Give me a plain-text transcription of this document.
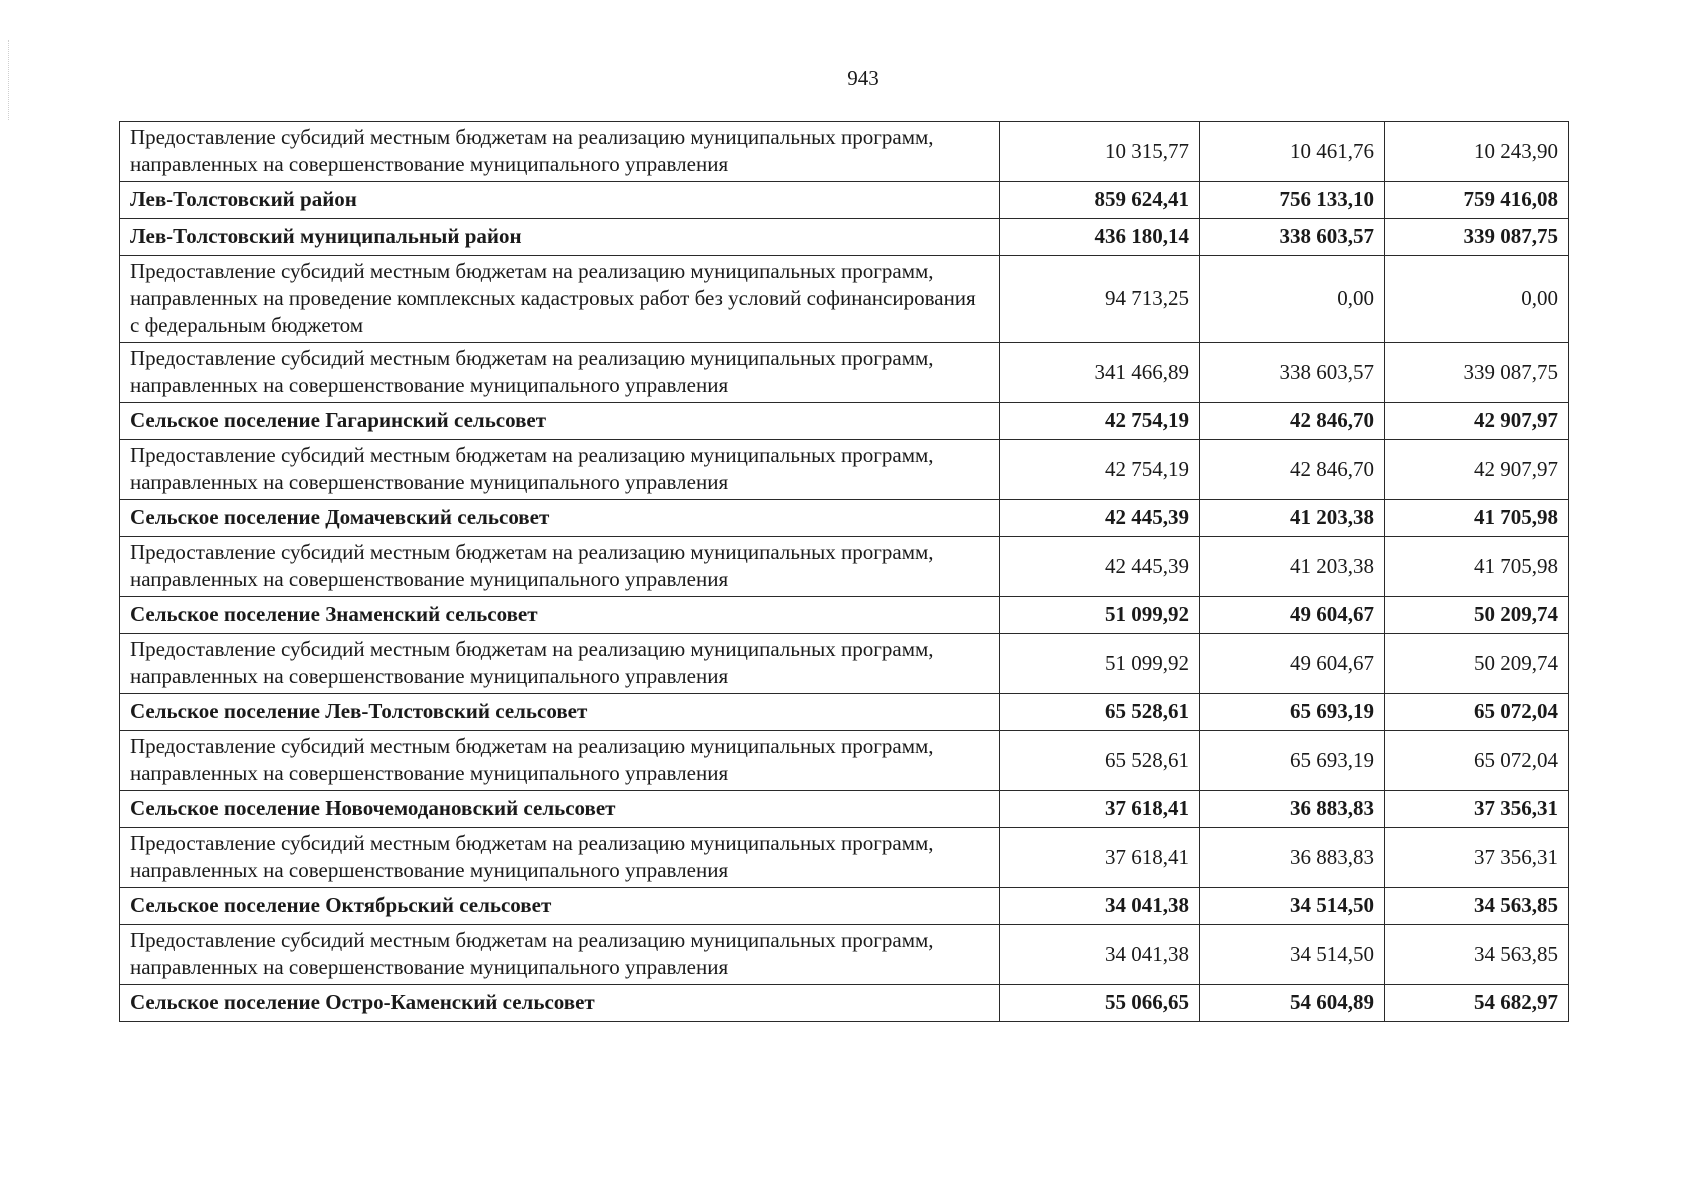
943
Предоставление субсидий местным бюджетам на реализацию муниципальных программ, направленных на совершенствование муниципального управления	10 315,77	10 461,76	10 243,90
Лев-Толстовский район	859 624,41	756 133,10	759 416,08
Лев-Толстовский муниципальный район	436 180,14	338 603,57	339 087,75
Предоставление субсидий местным бюджетам на реализацию муниципальных программ, направленных на проведение комплексных кадастровых работ без условий софинансирования с федеральным бюджетом	94 713,25	0,00	0,00
Предоставление субсидий местным бюджетам на реализацию муниципальных программ, направленных на совершенствование муниципального управления	341 466,89	338 603,57	339 087,75
Сельское поселение Гагаринский сельсовет	42 754,19	42 846,70	42 907,97
Предоставление субсидий местным бюджетам на реализацию муниципальных программ, направленных на совершенствование муниципального управления	42 754,19	42 846,70	42 907,97
Сельское поселение Домачевский сельсовет	42 445,39	41 203,38	41 705,98
Предоставление субсидий местным бюджетам на реализацию муниципальных программ, направленных на совершенствование муниципального управления	42 445,39	41 203,38	41 705,98
Сельское поселение Знаменский сельсовет	51 099,92	49 604,67	50 209,74
Предоставление субсидий местным бюджетам на реализацию муниципальных программ, направленных на совершенствование муниципального управления	51 099,92	49 604,67	50 209,74
Сельское поселение Лев-Толстовский сельсовет	65 528,61	65 693,19	65 072,04
Предоставление субсидий местным бюджетам на реализацию муниципальных программ, направленных на совершенствование муниципального управления	65 528,61	65 693,19	65 072,04
Сельское поселение Новочемодановский сельсовет	37 618,41	36 883,83	37 356,31
Предоставление субсидий местным бюджетам на реализацию муниципальных программ, направленных на совершенствование муниципального управления	37 618,41	36 883,83	37 356,31
Сельское поселение Октябрьский сельсовет	34 041,38	34 514,50	34 563,85
Предоставление субсидий местным бюджетам на реализацию муниципальных программ, направленных на совершенствование муниципального управления	34 041,38	34 514,50	34 563,85
Сельское поселение Остро-Каменский сельсовет	55 066,65	54 604,89	54 682,97
